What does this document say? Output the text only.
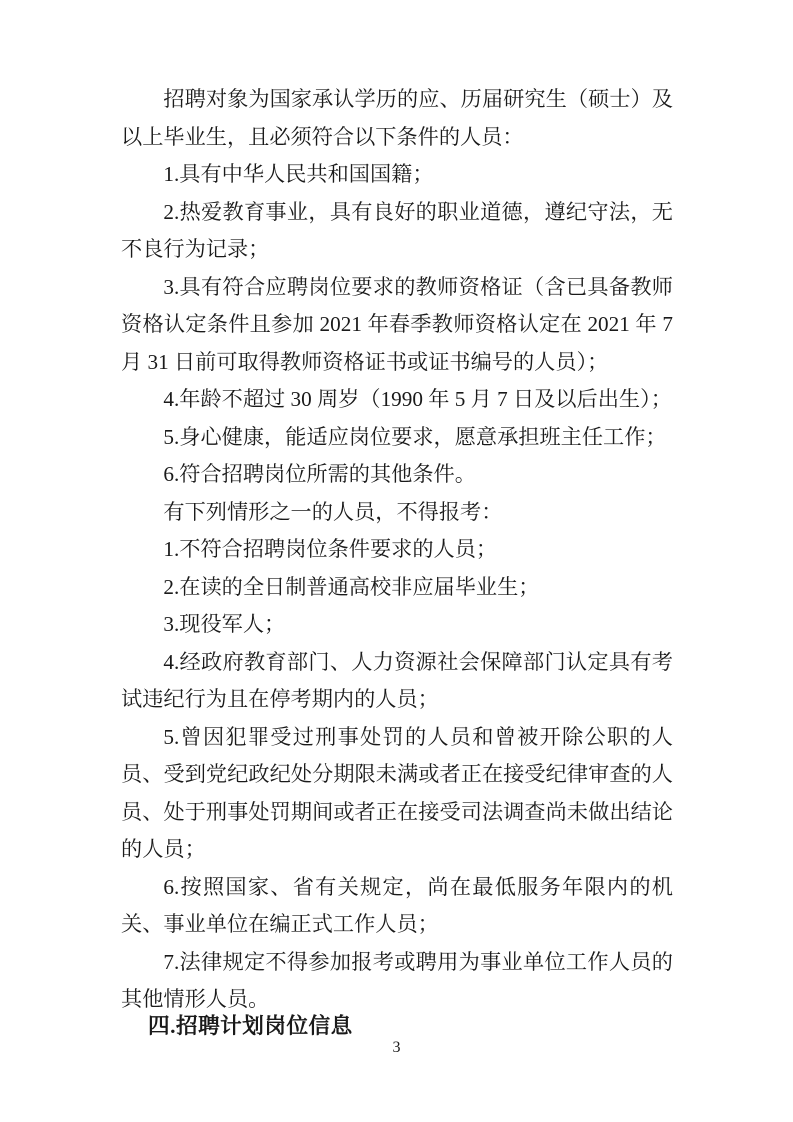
招聘对象为国家承认学历的应、历届研究生（硕士）及以上毕业生，且必须符合以下条件的人员：

1.具有中华人民共和国国籍；

2.热爱教育事业，具有良好的职业道德，遵纪守法，无不良行为记录；

3.具有符合应聘岗位要求的教师资格证（含已具备教师资格认定条件且参加 2021 年春季教师资格认定在 2021 年 7 月 31 日前可取得教师资格证书或证书编号的人员）；

4.年龄不超过 30 周岁（1990 年 5 月 7 日及以后出生）；

5.身心健康，能适应岗位要求，愿意承担班主任工作；

6.符合招聘岗位所需的其他条件。

有下列情形之一的人员，不得报考：

1.不符合招聘岗位条件要求的人员；

2.在读的全日制普通高校非应届毕业生；

3.现役军人；

4.经政府教育部门、人力资源社会保障部门认定具有考试违纪行为且在停考期内的人员；

5.曾因犯罪受过刑事处罚的人员和曾被开除公职的人员、受到党纪政纪处分期限未满或者正在接受纪律审查的人员、处于刑事处罚期间或者正在接受司法调查尚未做出结论的人员；

6.按照国家、省有关规定，尚在最低服务年限内的机关、事业单位在编正式工作人员；

7.法律规定不得参加报考或聘用为事业单位工作人员的其他情形人员。

四.招聘计划岗位信息
3
